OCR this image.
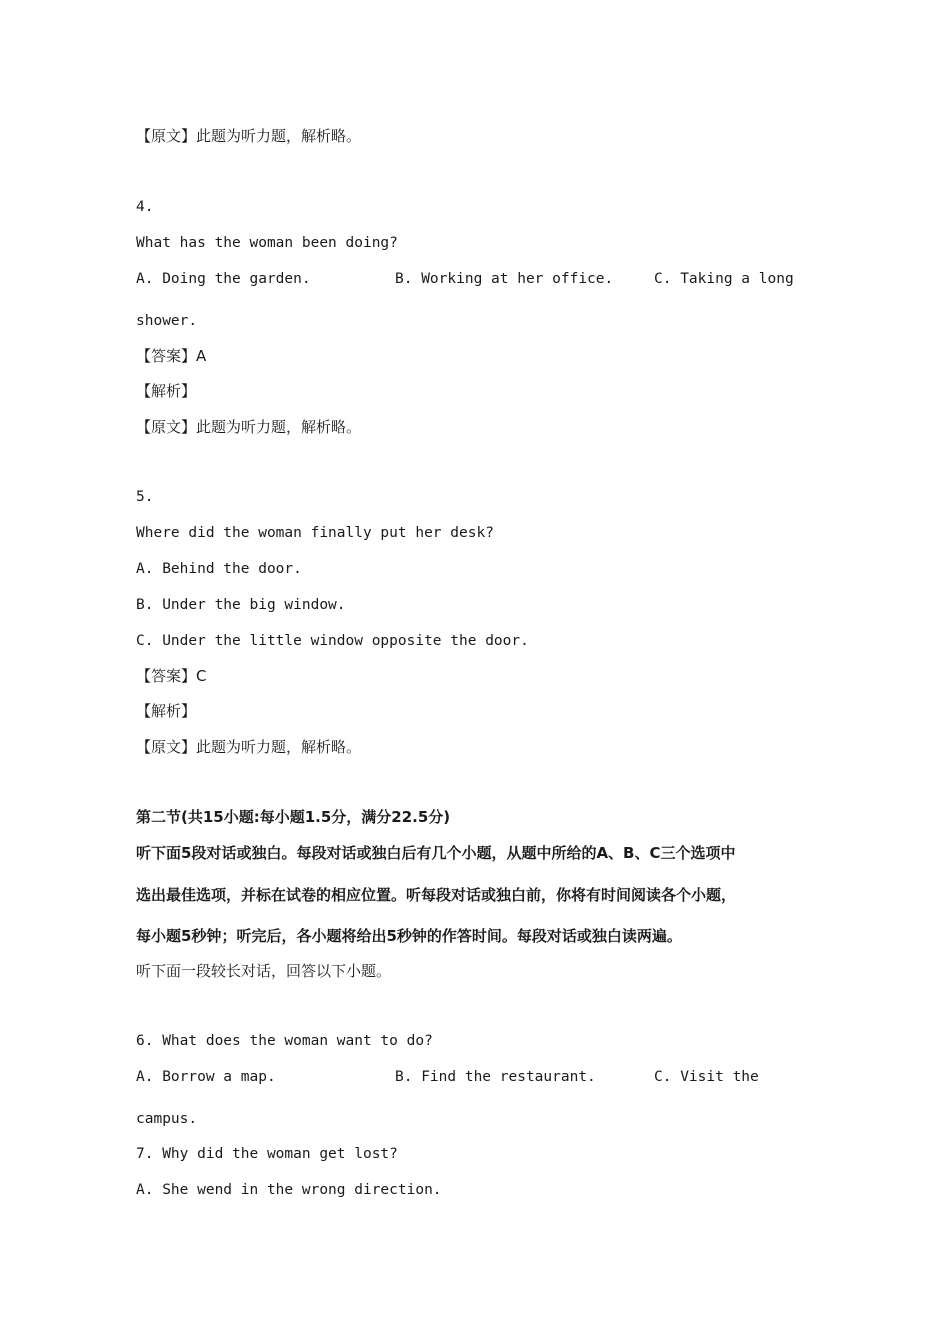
【原文】此题为听力题，解析略。
4.
What has the woman been doing?
A. Doing the garden.	B. Working at her office.	C. Taking a long
shower.
【答案】A
【解析】
【原文】此题为听力题，解析略。
5.
Where did the woman finally put her desk?
A. Behind the door.
B. Under the big window.
C. Under the little window opposite the door.
【答案】C
【解析】
【原文】此题为听力题，解析略。
第二节(共15小题:每小题1.5分，满分22.5分)
听下面5段对话或独白。每段对话或独白后有几个小题，从题中所给的A、B、C三个选项中
选出最佳选项，并标在试卷的相应位置。听每段对话或独白前，你将有时间阅读各个小题，
每小题5秒钟；听完后，各小题将给出5秒钟的作答时间。每段对话或独白读两遍。
听下面一段较长对话，回答以下小题。
6. What does the woman want to do?
A. Borrow a map.	B. Find the restaurant.	C. Visit the
campus.
7. Why did the woman get lost?
A. She wend in the wrong direction.
